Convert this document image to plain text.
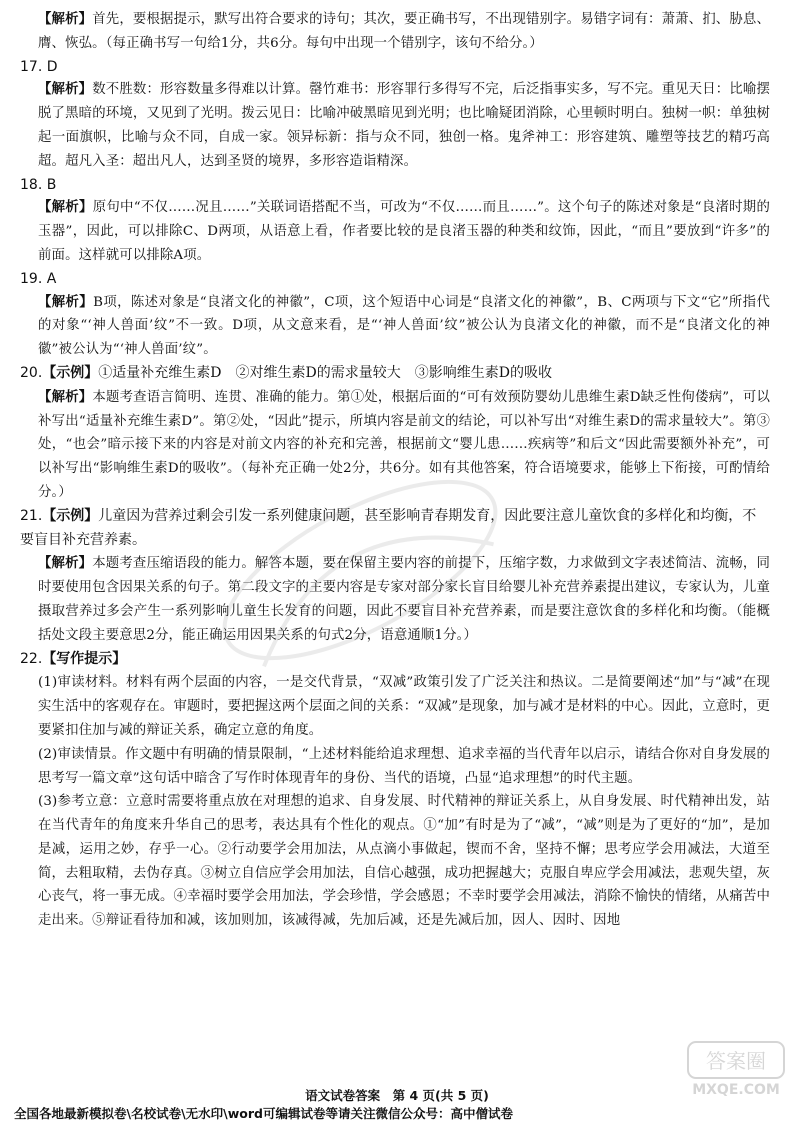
【解析】首先，要根据提示，默写出符合要求的诗句；其次，要正确书写，不出现错别字。易错字词有：萧萧、扪、胁息、膺、恢弘。（每正确书写一句给1分，共6分。每句中出现一个错别字，该句不给分。）

17. D

【解析】数不胜数：形容数量多得难以计算。罄竹难书：形容罪行多得写不完，后泛指事实多，写不完。重见天日：比喻摆脱了黑暗的环境，又见到了光明。拨云见日：比喻冲破黑暗见到光明；也比喻疑团消除，心里顿时明白。独树一帜：单独树起一面旗帜，比喻与众不同，自成一家。领异标新：指与众不同，独创一格。鬼斧神工：形容建筑、雕塑等技艺的精巧高超。超凡入圣：超出凡人，达到圣贤的境界，多形容造诣精深。

18. B

【解析】原句中“不仅……况且……”关联词语搭配不当，可改为“不仅……而且……”。这个句子的陈述对象是“良渚时期的玉器”，因此，可以排除C、D两项，从语意上看，作者要比较的是良渚玉器的种类和纹饰，因此，“而且”要放到“许多”的前面。这样就可以排除A项。

19. A

【解析】B项，陈述对象是“良渚文化的神徽”，C项，这个短语中心词是“良渚文化的神徽”，B、C两项与下文“它”所指代的对象“‘神人兽面’纹”不一致。D项，从文意来看，是“‘神人兽面’纹”被公认为良渚文化的神徽，而不是“良渚文化的神徽”被公认为“‘神人兽面’纹”。

20.【示例】①适量补充维生素D　②对维生素D的需求量较大　③影响维生素D的吸收

【解析】本题考查语言简明、连贯、准确的能力。第①处，根据后面的“可有效预防婴幼儿患维生素D缺乏性佝偻病”，可以补写出“适量补充维生素D”。第②处，“因此”提示，所填内容是前文的结论，可以补写出“对维生素D的需求量较大”。第③处，“也会”暗示接下来的内容是对前文内容的补充和完善，根据前文“婴儿患……疾病等”和后文“因此需要额外补充”，可以补写出“影响维生素D的吸收”。（每补充正确一处2分，共6分。如有其他答案，符合语境要求，能够上下衔接，可酌情给分。）

21.【示例】儿童因为营养过剩会引发一系列健康问题，甚至影响青春期发育，因此要注意儿童饮食的多样化和均衡，不要盲目补充营养素。

【解析】本题考查压缩语段的能力。解答本题，要在保留主要内容的前提下，压缩字数，力求做到文字表述简洁、流畅，同时要使用包含因果关系的句子。第二段文字的主要内容是专家对部分家长盲目给婴儿补充营养素提出建议，专家认为，儿童摄取营养过多会产生一系列影响儿童生长发育的问题，因此不要盲目补充营养素，而是要注意饮食的多样化和均衡。（能概括处文段主要意思2分，能正确运用因果关系的句式2分，语意通顺1分。）

22.【写作提示】

(1)审读材料。材料有两个层面的内容，一是交代背景，“双减”政策引发了广泛关注和热议。二是简要阐述“加”与“减”在现实生活中的客观存在。审题时，要把握这两个层面之间的关系：“双减”是现象，加与减才是材料的中心。因此，立意时，更要紧扣住加与减的辩证关系，确定立意的角度。

(2)审读情景。作文题中有明确的情景限制，“上述材料能给追求理想、追求幸福的当代青年以启示，请结合你对自身发展的思考写一篇文章”这句话中暗含了写作时体现青年的身份、当代的语境，凸显“追求理想”的时代主题。

(3)参考立意：立意时需要将重点放在对理想的追求、自身发展、时代精神的辩证关系上，从自身发展、时代精神出发，站在当代青年的角度来升华自己的思考，表达具有个性化的观点。①“加”有时是为了“减”，“减”则是为了更好的“加”，是加是减，运用之妙，存乎一心。②行动要学会用加法，从点滴小事做起，锲而不舍，坚持不懈；思考应学会用减法，大道至简，去粗取精，去伪存真。③树立自信应学会用加法，自信心越强，成功把握越大；克服自卑应学会用减法，悲观失望，灰心丧气，将一事无成。④幸福时要学会用加法，学会珍惜，学会感恩；不幸时要学会用减法，消除不愉快的情绪，从痛苦中走出来。⑤辩证看待加和减，该加则加，该减得减，先加后减，还是先减后加，因人、因时、因地

语文试卷答案　第 4 页(共 5 页)
全国各地最新模拟卷\名校试卷\无水印\word可编辑试卷等请关注微信公众号：高中僧试卷
答案圈
MXQE.COM
